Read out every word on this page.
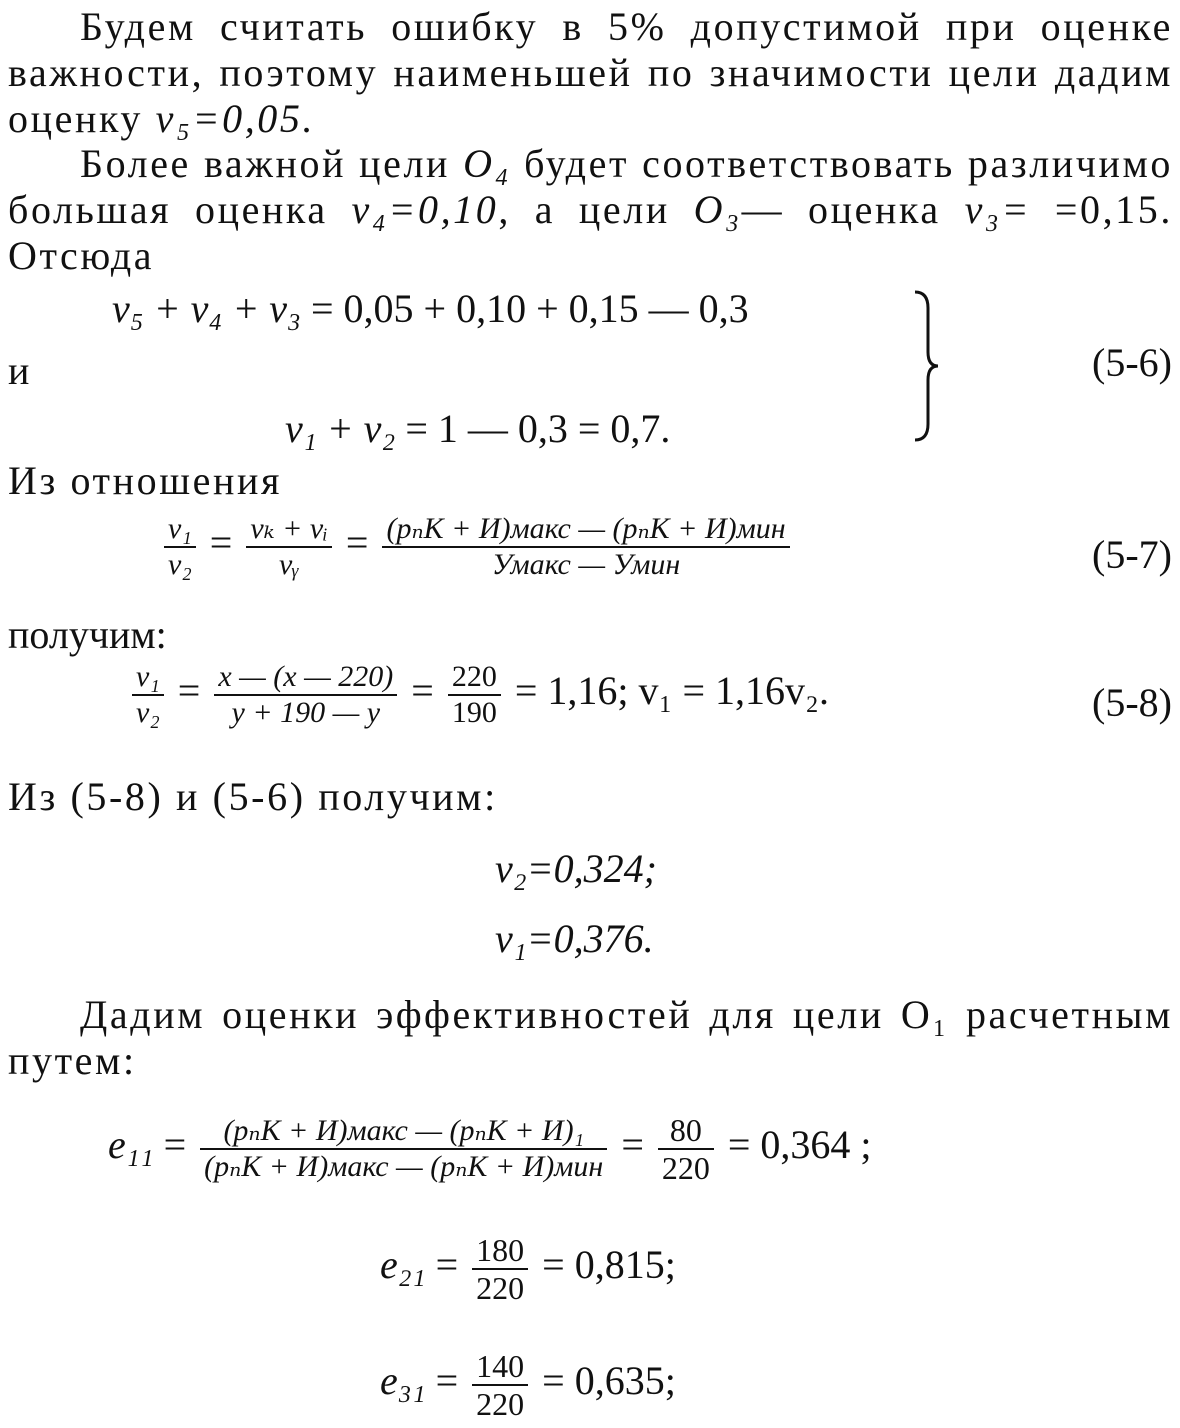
Будем считать ошибку в 5% допустимой при оценке важности, поэтому наименьшей по значимости цели дадим оценку v₅=0,05.

Более важной цели O₄ будет соответствовать различимо большая оценка v₄=0,10, а цели O₃— оценка v₃= =0,15. Отсюда

v₅ + v₄ + v₃ = 0,05 + 0,10 + 0,15 — 0,3
и
v₁ + v₂ = 1 — 0,3 = 0,7.
(5-6)
Из отношения
$\frac{\text{v₁}}{\text{v₂}} = \frac{\text{vₖ + vᵢ}}{\text{vᵧ}} = \frac{\text{(pₙK + И)макс — (pₙK + И)мин}}{\text{Умакс — Умин}}$	(5-7)
получим:
$\frac{\text{v₁}}{\text{v₂}} = \frac{x — (x — 220)}{y + 190 — y} = \frac{220}{190} = 1,16$; v₁ = 1,16v₂.	(5-8)
Из (5-8) и (5-6) получим:
v₂=0,324;
v₁=0,376.

Дадим оценки эффективностей для цели O₁ расчетным путем:

$e_{11} = \frac{\text{(pₙK + И)макс — (pₙK + И)₁}}{\text{(pₙK + И)макс — (pₙK + И)мин}} = \frac{80}{220} = 0,364$ ;
$e_{21} = \frac{180}{220} = 0,815$;
$e_{31} = \frac{140}{220} = 0,635$;
